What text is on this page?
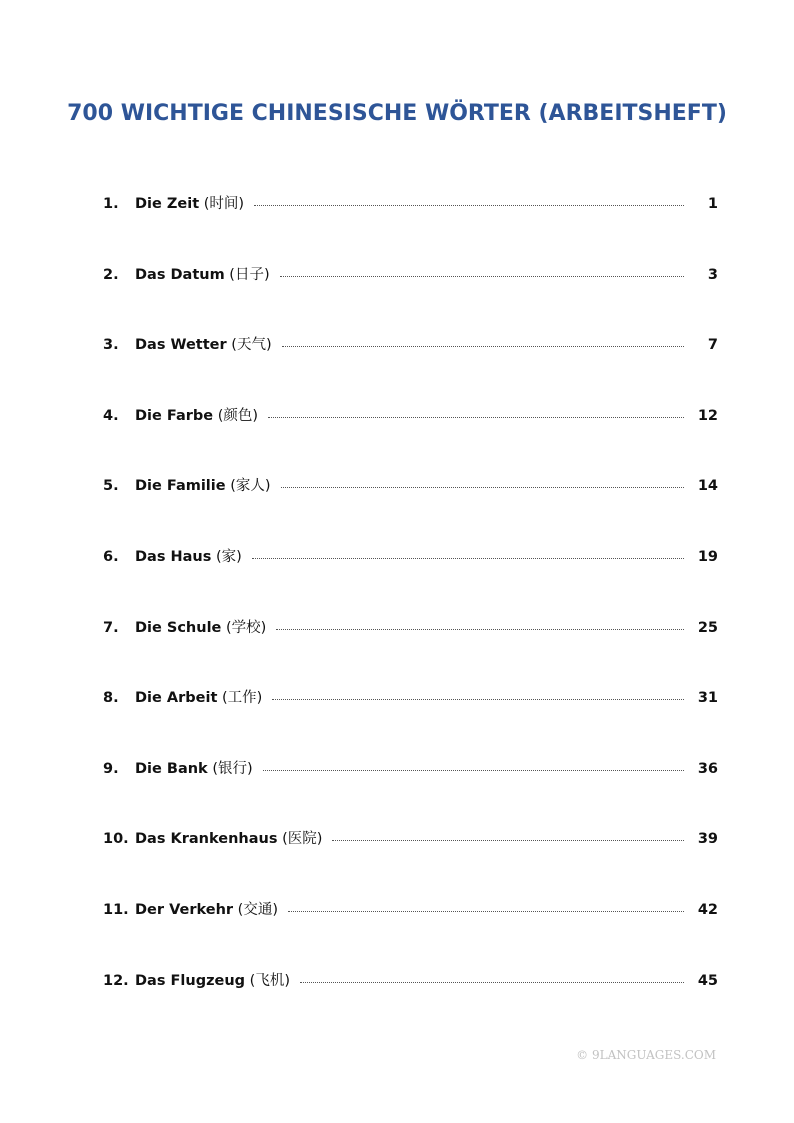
700 WICHTIGE CHINESISCHE WÖRTER (ARBEITSHEFT)
1.	Die Zeit (时间)	1
2.	Das Datum (日子)	3
3.	Das Wetter (天气)	7
4.	Die Farbe (颜色)	12
5.	Die Familie (家人)	14
6.	Das Haus (家)	19
7.	Die Schule (学校)	25
8.	Die Arbeit (工作)	31
9.	Die Bank (银行)	36
10. Das Krankenhaus (医院)	39
11. Der Verkehr (交通)	42
12. Das Flugzeug (飞机)	45
© 9LANGUAGES.COM
